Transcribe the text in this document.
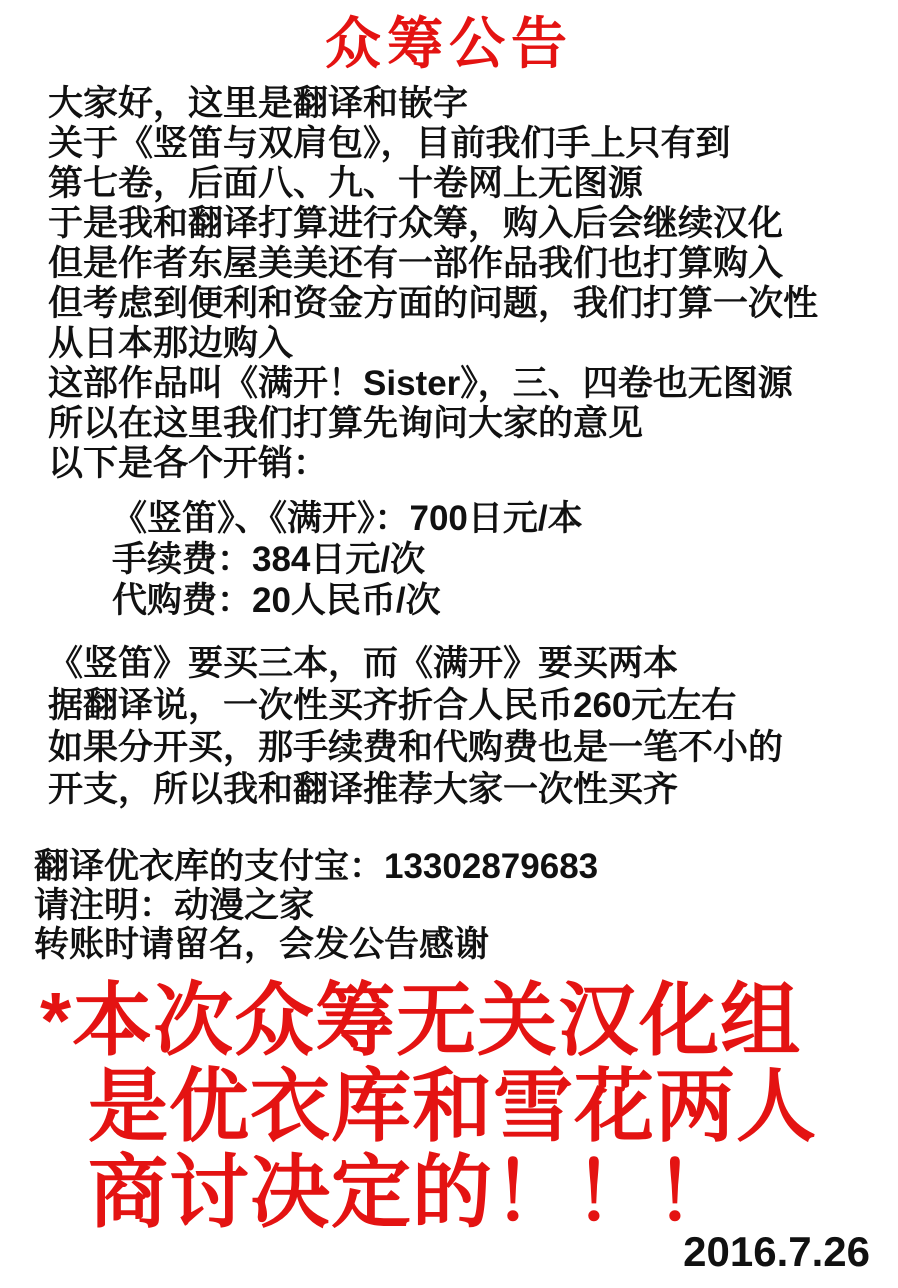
众筹公告
大家好，这里是翻译和嵌字
关于《竖笛与双肩包》，目前我们手上只有到
第七卷，后面八、九、十卷网上无图源
于是我和翻译打算进行众筹，购入后会继续汉化
但是作者东屋美美还有一部作品我们也打算购入
但考虑到便利和资金方面的问题，我们打算一次性
从日本那边购入
这部作品叫《满开！Sister》，三、四卷也无图源
所以在这里我们打算先询问大家的意见
以下是各个开销：
《竖笛》、《满开》：700日元/本
手续费：384日元/次
代购费：20人民币/次
《竖笛》要买三本，而《满开》要买两本
据翻译说，一次性买齐折合人民币260元左右
如果分开买，那手续费和代购费也是一笔不小的
开支，所以我和翻译推荐大家一次性买齐
翻译优衣库的支付宝：13302879683
请注明：动漫之家
转账时请留名，会发公告感谢
*本次众筹无关汉化组
是优衣库和雪花两人
商讨决定的！！！
2016.7.26
